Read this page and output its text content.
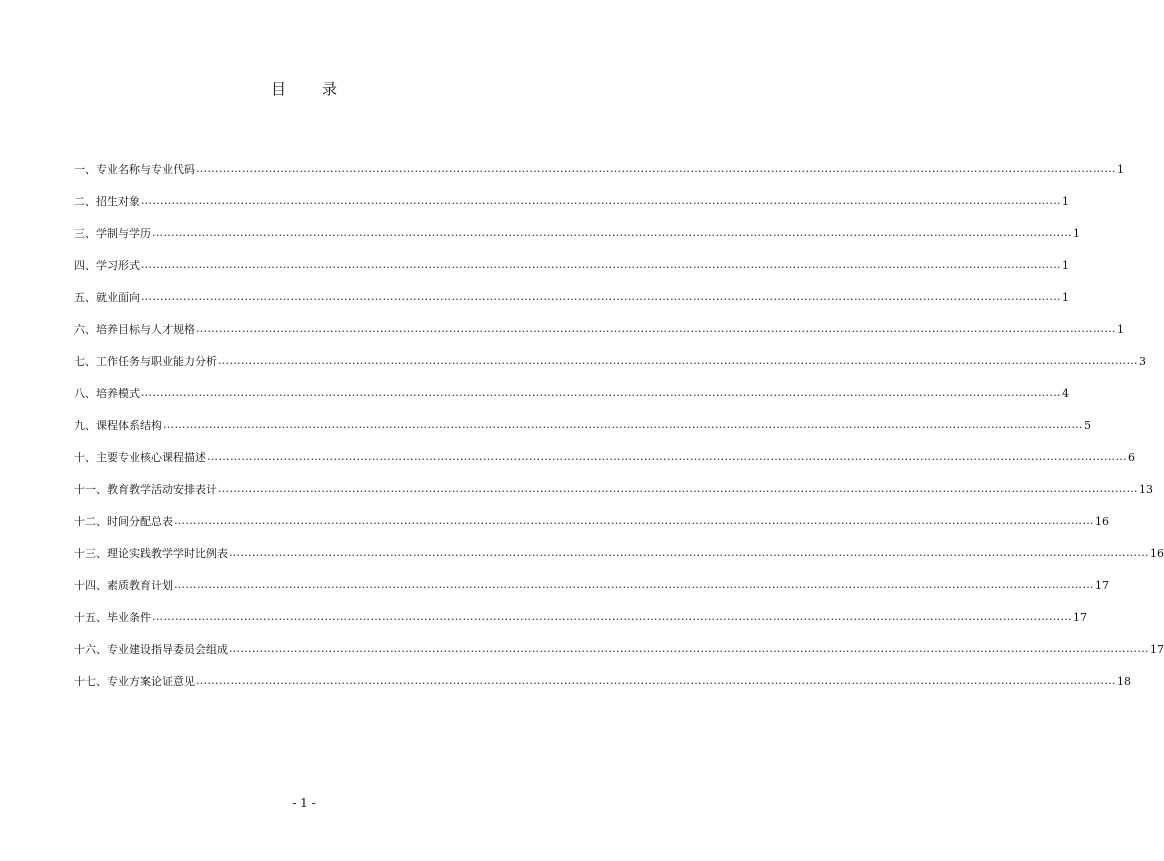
目 录
一、专业名称与专业代码 …………………………………………………………………………………………………………………………………………………………………………………………………………………… 1
二、招生对象 …………………………………………………………………………………………………………………………………………………………………………………………………………………… 1
三、学制与学历 …………………………………………………………………………………………………………………………………………………………………………………………………………………… 1
四、学习形式 …………………………………………………………………………………………………………………………………………………………………………………………………………………… 1
五、就业面向 …………………………………………………………………………………………………………………………………………………………………………………………………………………… 1
六、培养目标与人才规格 …………………………………………………………………………………………………………………………………………………………………………………………………………………… 1
七、工作任务与职业能力分析 …………………………………………………………………………………………………………………………………………………………………………………………………………………… 3
八、培养模式 …………………………………………………………………………………………………………………………………………………………………………………………………………………… 4
九、课程体系结构 …………………………………………………………………………………………………………………………………………………………………………………………………………………… 5
十、主要专业核心课程描述 …………………………………………………………………………………………………………………………………………………………………………………………………………………… 6
十一、教育教学活动安排表计 …………………………………………………………………………………………………………………………………………………………………………………………………………………… 13
十二、时间分配总表 …………………………………………………………………………………………………………………………………………………………………………………………………………………… 16
十三、理论实践教学学时比例表 …………………………………………………………………………………………………………………………………………………………………………………………………………………… 16
十四、素质教育计划 …………………………………………………………………………………………………………………………………………………………………………………………………………………… 17
十五、毕业条件 …………………………………………………………………………………………………………………………………………………………………………………………………………………… 17
十六、专业建设指导委员会组成 …………………………………………………………………………………………………………………………………………………………………………………………………………………… 17
十七、专业方案论证意见 …………………………………………………………………………………………………………………………………………………………………………………………………………………… 18
- 1 -
